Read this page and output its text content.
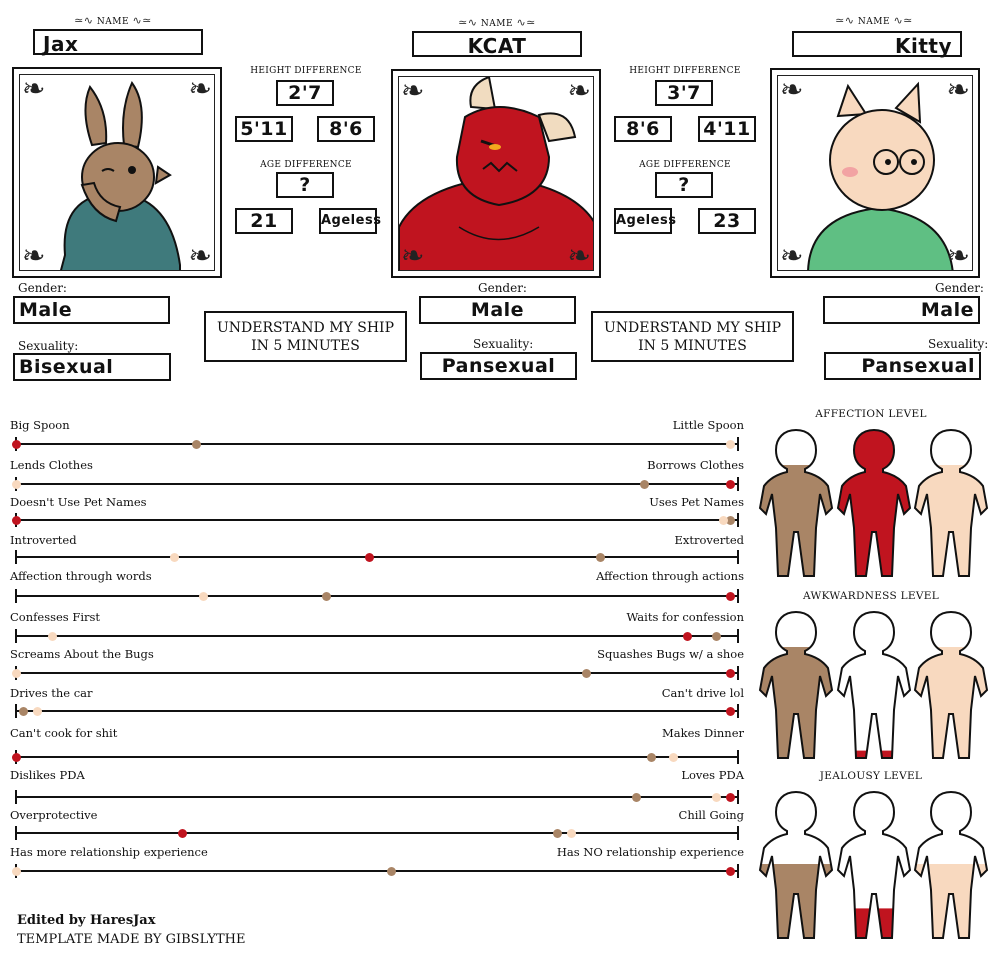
≃∿ NAME ∿≃
Jax
≃∿ NAME ∿≃
KCAT
≃∿ NAME ∿≃
Kitty
❧	❧
❧	❧
❧	❧
❧	❧
❧	❧
❧	❧
HEIGHT DIFFERENCE
2'7
5'11	8'6
AGE DIFFERENCE
?
21	Ageless
HEIGHT DIFFERENCE
3'7
8'6	4'11
AGE DIFFERENCE
?
Ageless	23
Gender:
Male
Sexuality:
Bisexual
Gender:
Male
Sexuality:
Pansexual
Gender:
Male
Sexuality:
Pansexual
UNDERSTAND MY SHIP
IN 5 MINUTES
UNDERSTAND MY SHIP
IN 5 MINUTES
Big Spoon	Little Spoon
Lends Clothes	Borrows Clothes
Doesn't Use Pet Names	Uses Pet Names
Introverted	Extroverted
Affection through words	Affection through actions
Confesses First	Waits for confession
Screams About the Bugs	Squashes Bugs w/ a shoe
Drives the car	Can't drive lol
Can't cook for shit	Makes Dinner
Dislikes PDA	Loves PDA
Overprotective	Chill Going
Has more relationship experience	Has NO relationship experience
AFFECTION LEVEL
AWKWARDNESS LEVEL
JEALOUSY LEVEL
Edited by HaresJax
TEMPLATE MADE BY GIBSLYTHE
